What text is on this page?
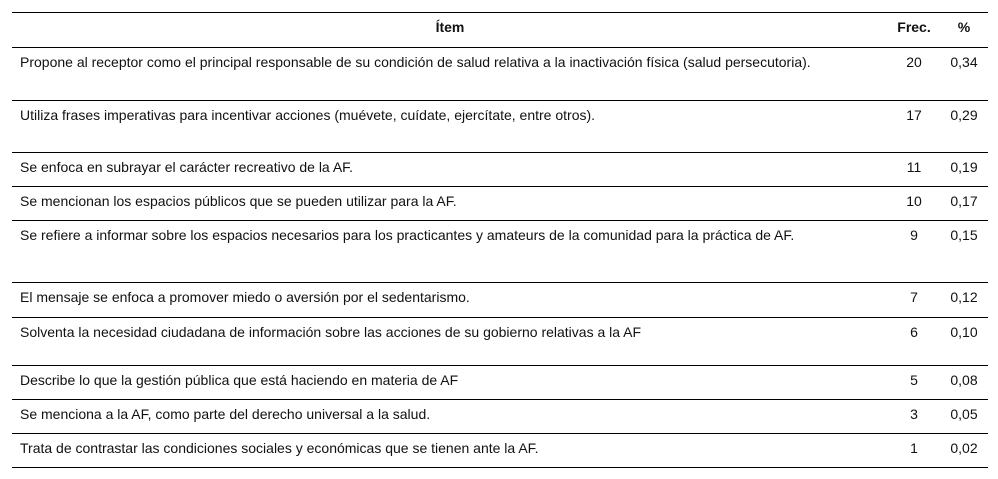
Ítem	Frec.	%
Propone al receptor como el principal responsable de su condición de salud relativa a la inactivación física (salud persecutoria).	20	0,34
Utiliza frases imperativas para incentivar acciones (muévete, cuídate, ejercítate, entre otros).	17	0,29
Se enfoca en subrayar el carácter recreativo de la AF.	11	0,19
Se mencionan los espacios públicos que se pueden utilizar para la AF.	10	0,17
Se refiere a informar sobre los espacios necesarios para los practicantes y amateurs de la comunidad para la práctica de AF.	9	0,15
El mensaje se enfoca a promover miedo o aversión por el sedentarismo.	7	0,12
Solventa la necesidad ciudadana de información sobre las acciones de su gobierno relativas a la AF	6	0,10
Describe lo que la gestión pública que está haciendo en materia de AF	5	0,08
Se menciona a la AF, como parte del derecho universal a la salud.	3	0,05
Trata de contrastar las condiciones sociales y económicas que se tienen ante la AF.	1	0,02
